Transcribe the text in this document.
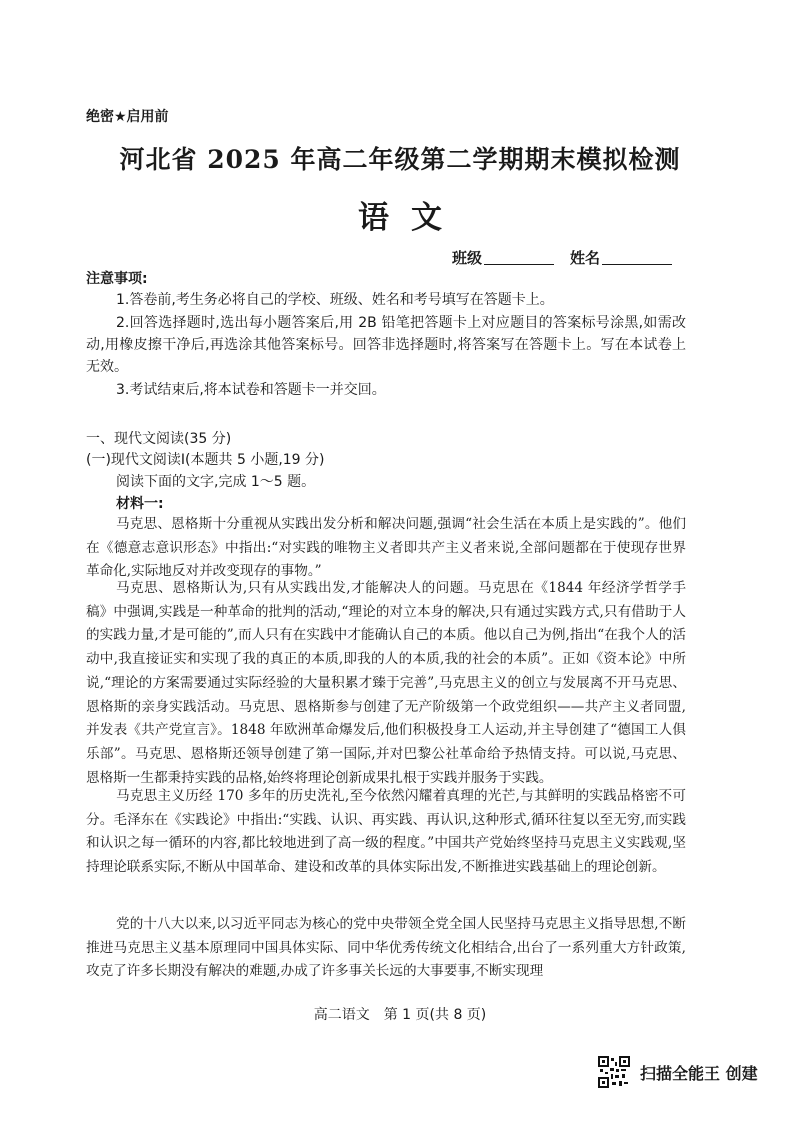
绝密★启用前
河北省 2025 年高二年级第二学期期末模拟检测
语文
班级	姓名
注意事项:
1.答卷前,考生务必将自己的学校、班级、姓名和考号填写在答题卡上。
2.回答选择题时,选出每小题答案后,用 2B 铅笔把答题卡上对应题目的答案标号涂黑,如需改动,用橡皮擦干净后,再选涂其他答案标号。回答非选择题时,将答案写在答题卡上。写在本试卷上无效。
3.考试结束后,将本试卷和答题卡一并交回。
一、现代文阅读(35 分)
(一)现代文阅读Ⅰ(本题共 5 小题,19 分)
阅读下面的文字,完成 1～5 题。
材料一:

马克思、恩格斯十分重视从实践出发分析和解决问题,强调“社会生活在本质上是实践的”。他们在《德意志意识形态》中指出:“对实践的唯物主义者即共产主义者来说,全部问题都在于使现存世界革命化,实际地反对并改变现存的事物。”

马克思、恩格斯认为,只有从实践出发,才能解决人的问题。马克思在《1844 年经济学哲学手稿》中强调,实践是一种革命的批判的活动,“理论的对立本身的解决,只有通过实践方式,只有借助于人的实践力量,才是可能的”,而人只有在实践中才能确认自己的本质。他以自己为例,指出“在我个人的活动中,我直接证实和实现了我的真正的本质,即我的人的本质,我的社会的本质”。正如《资本论》中所说,“理论的方案需要通过实际经验的大量积累才臻于完善”,马克思主义的创立与发展离不开马克思、恩格斯的亲身实践活动。马克思、恩格斯参与创建了无产阶级第一个政党组织——共产主义者同盟,并发表《共产党宣言》。1848 年欧洲革命爆发后,他们积极投身工人运动,并主导创建了“德国工人俱乐部”。马克思、恩格斯还领导创建了第一国际,并对巴黎公社革命给予热情支持。可以说,马克思、恩格斯一生都秉持实践的品格,始终将理论创新成果扎根于实践并服务于实践。

马克思主义历经 170 多年的历史洗礼,至今依然闪耀着真理的光芒,与其鲜明的实践品格密不可分。毛泽东在《实践论》中指出:“实践、认识、再实践、再认识,这种形式,循环往复以至无穷,而实践和认识之每一循环的内容,都比较地进到了高一级的程度。”中国共产党始终坚持马克思主义实践观,坚持理论联系实际,不断从中国革命、建设和改革的具体实际出发,不断推进实践基础上的理论创新。

党的十八大以来,以习近平同志为核心的党中央带领全党全国人民坚持马克思主义指导思想,不断推进马克思主义基本原理同中国具体实际、同中华优秀传统文化相结合,出台了一系列重大方针政策,攻克了许多长期没有解决的难题,办成了许多事关长远的大事要事,不断实现理

高二语文 第 1 页(共 8 页)
扫描全能王 创建
